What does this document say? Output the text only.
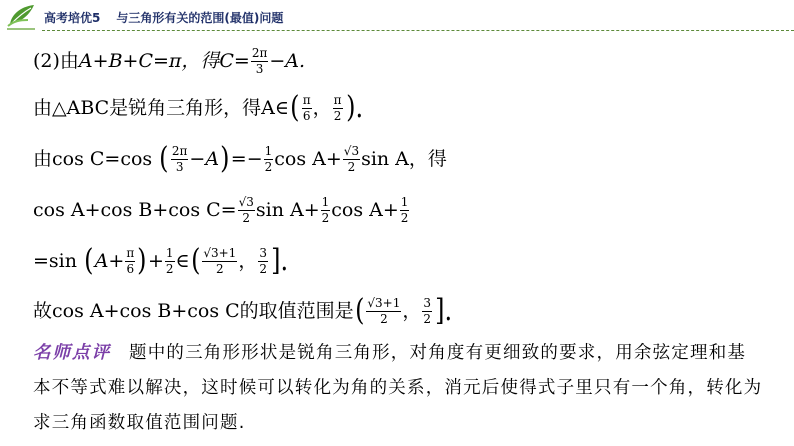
高考培优5 与三角形有关的范围(最值)问题
(2)由 A+B+C=π，得$C= \frac{2\pi}{3} -A$.
由△ABC是锐角三角形，得A∈ ( $\frac{\pi}{6}$ ， $\frac{\pi}{2}$ ).
由cos C=cos ( $\frac{2\pi}{3} -A$ ) =− $\frac{1}{2}$ $\cos A+ \frac{√3}{2}$ sin A，得
cos A+cos B+cos $C= \frac{√3}{2}$ $\sin A+ \frac{1}{2}$ $\cos A+ \frac{1}{2}$
=sin ( $A+ \frac{\pi}{6}$ ) + $\frac{1}{2}$ ∈ ( $\frac{√3+1}{2}$ ， $\frac{3}{2}$ ].
故cos A+cos B+cos C的取值范围是 ( $\frac{√3+1}{2}$ ， $\frac{3}{2}$ ].
名师点评 题中的三角形形状是锐角三角形，对角度有更细致的要求，用余弦定理和基本不等式难以解决，这时候可以转化为角的关系，消元后使得式子里只有一个角，转化为求三角函数取值范围问题.
